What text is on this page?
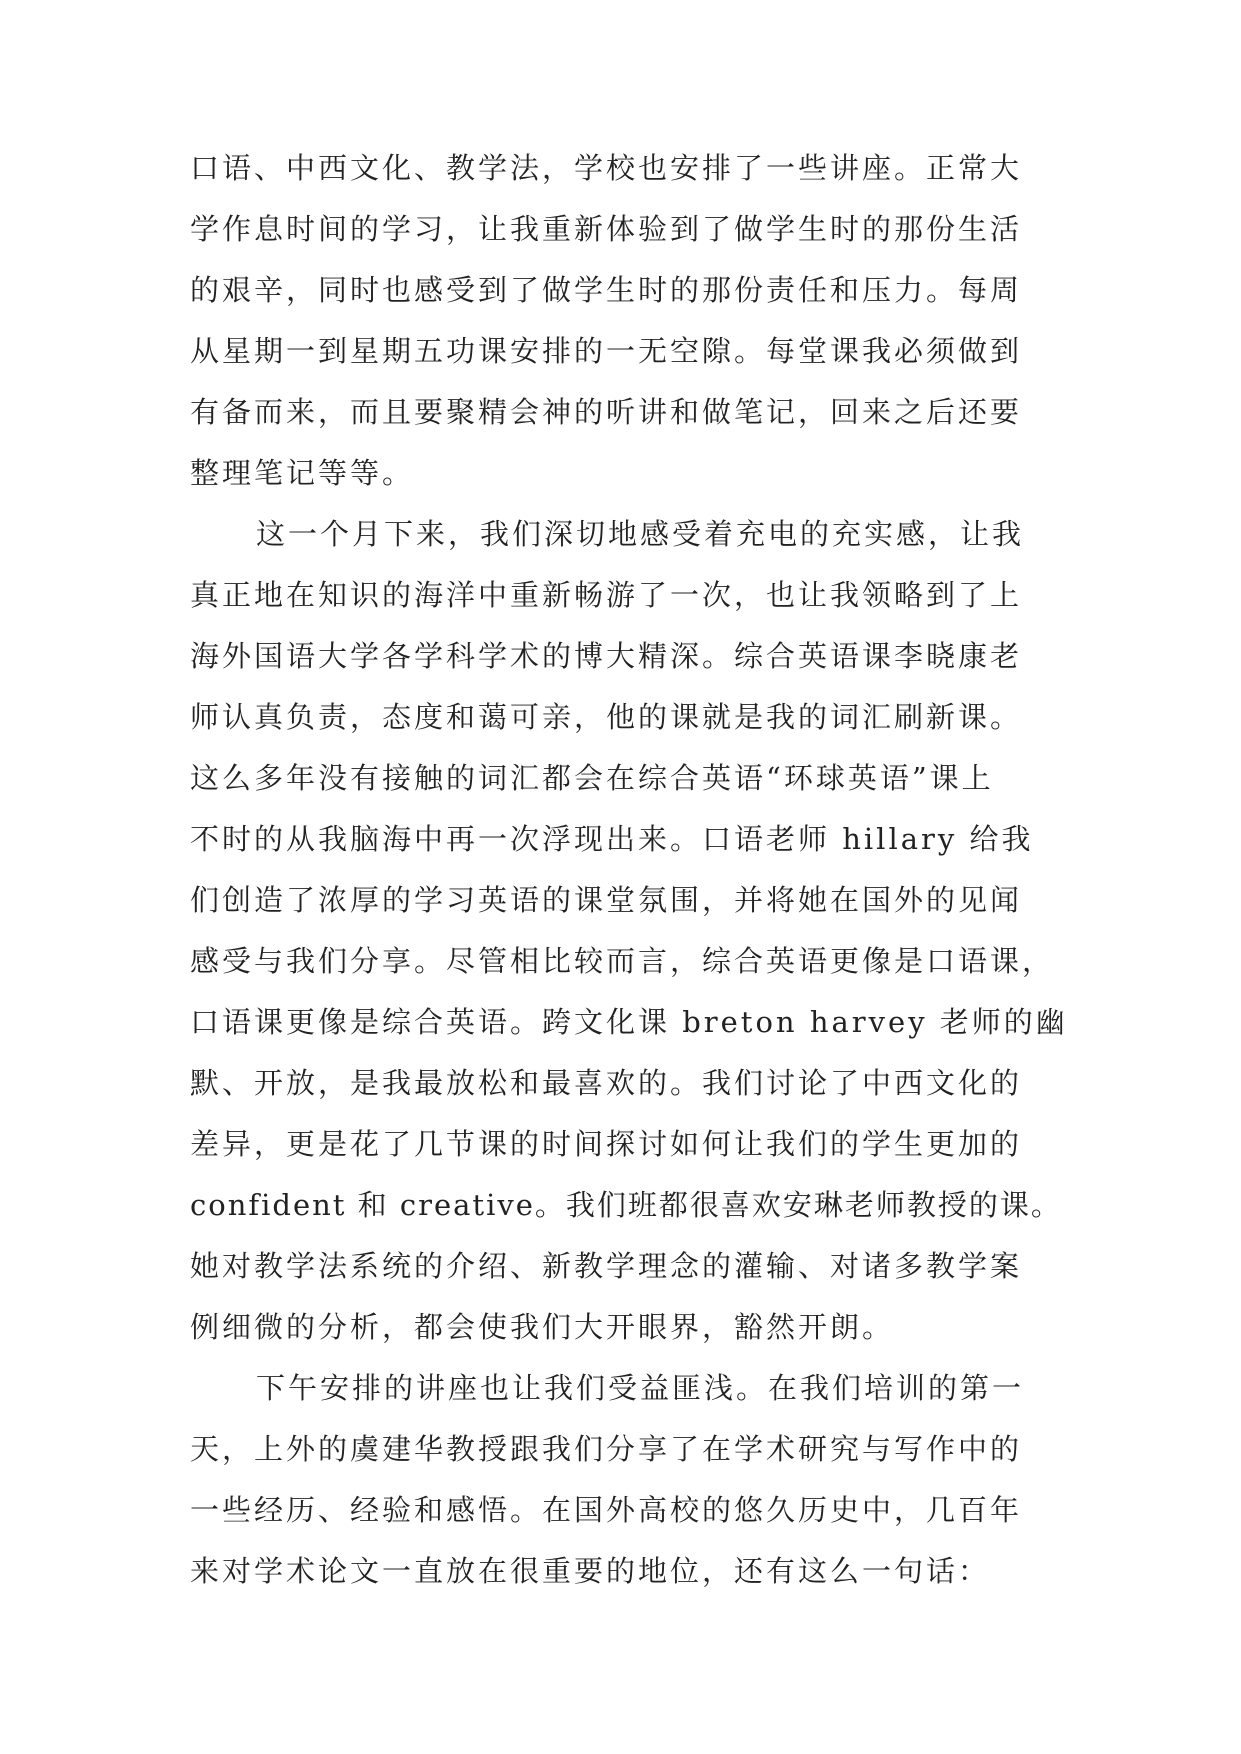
口语、中西文化、教学法，学校也安排了一些讲座。正常大
学作息时间的学习，让我重新体验到了做学生时的那份生活
的艰辛，同时也感受到了做学生时的那份责任和压力。每周
从星期一到星期五功课安排的一无空隙。每堂课我必须做到
有备而来，而且要聚精会神的听讲和做笔记，回来之后还要
整理笔记等等。
这一个月下来，我们深切地感受着充电的充实感，让我
真正地在知识的海洋中重新畅游了一次，也让我领略到了上
海外国语大学各学科学术的博大精深。综合英语课李晓康老
师认真负责，态度和蔼可亲，他的课就是我的词汇刷新课。
这么多年没有接触的词汇都会在综合英语“环球英语”课上
不时的从我脑海中再一次浮现出来。口语老师 hillary 给我
们创造了浓厚的学习英语的课堂氛围，并将她在国外的见闻
感受与我们分享。尽管相比较而言，综合英语更像是口语课，
口语课更像是综合英语。跨文化课 breton harvey 老师的幽
默、开放，是我最放松和最喜欢的。我们讨论了中西文化的
差异，更是花了几节课的时间探讨如何让我们的学生更加的
confident 和 creative。我们班都很喜欢安琳老师教授的课。
她对教学法系统的介绍、新教学理念的灌输、对诸多教学案
例细微的分析，都会使我们大开眼界，豁然开朗。
下午安排的讲座也让我们受益匪浅。在我们培训的第一
天，上外的虞建华教授跟我们分享了在学术研究与写作中的
一些经历、经验和感悟。在国外高校的悠久历史中，几百年
来对学术论文一直放在很重要的地位，还有这么一句话：
